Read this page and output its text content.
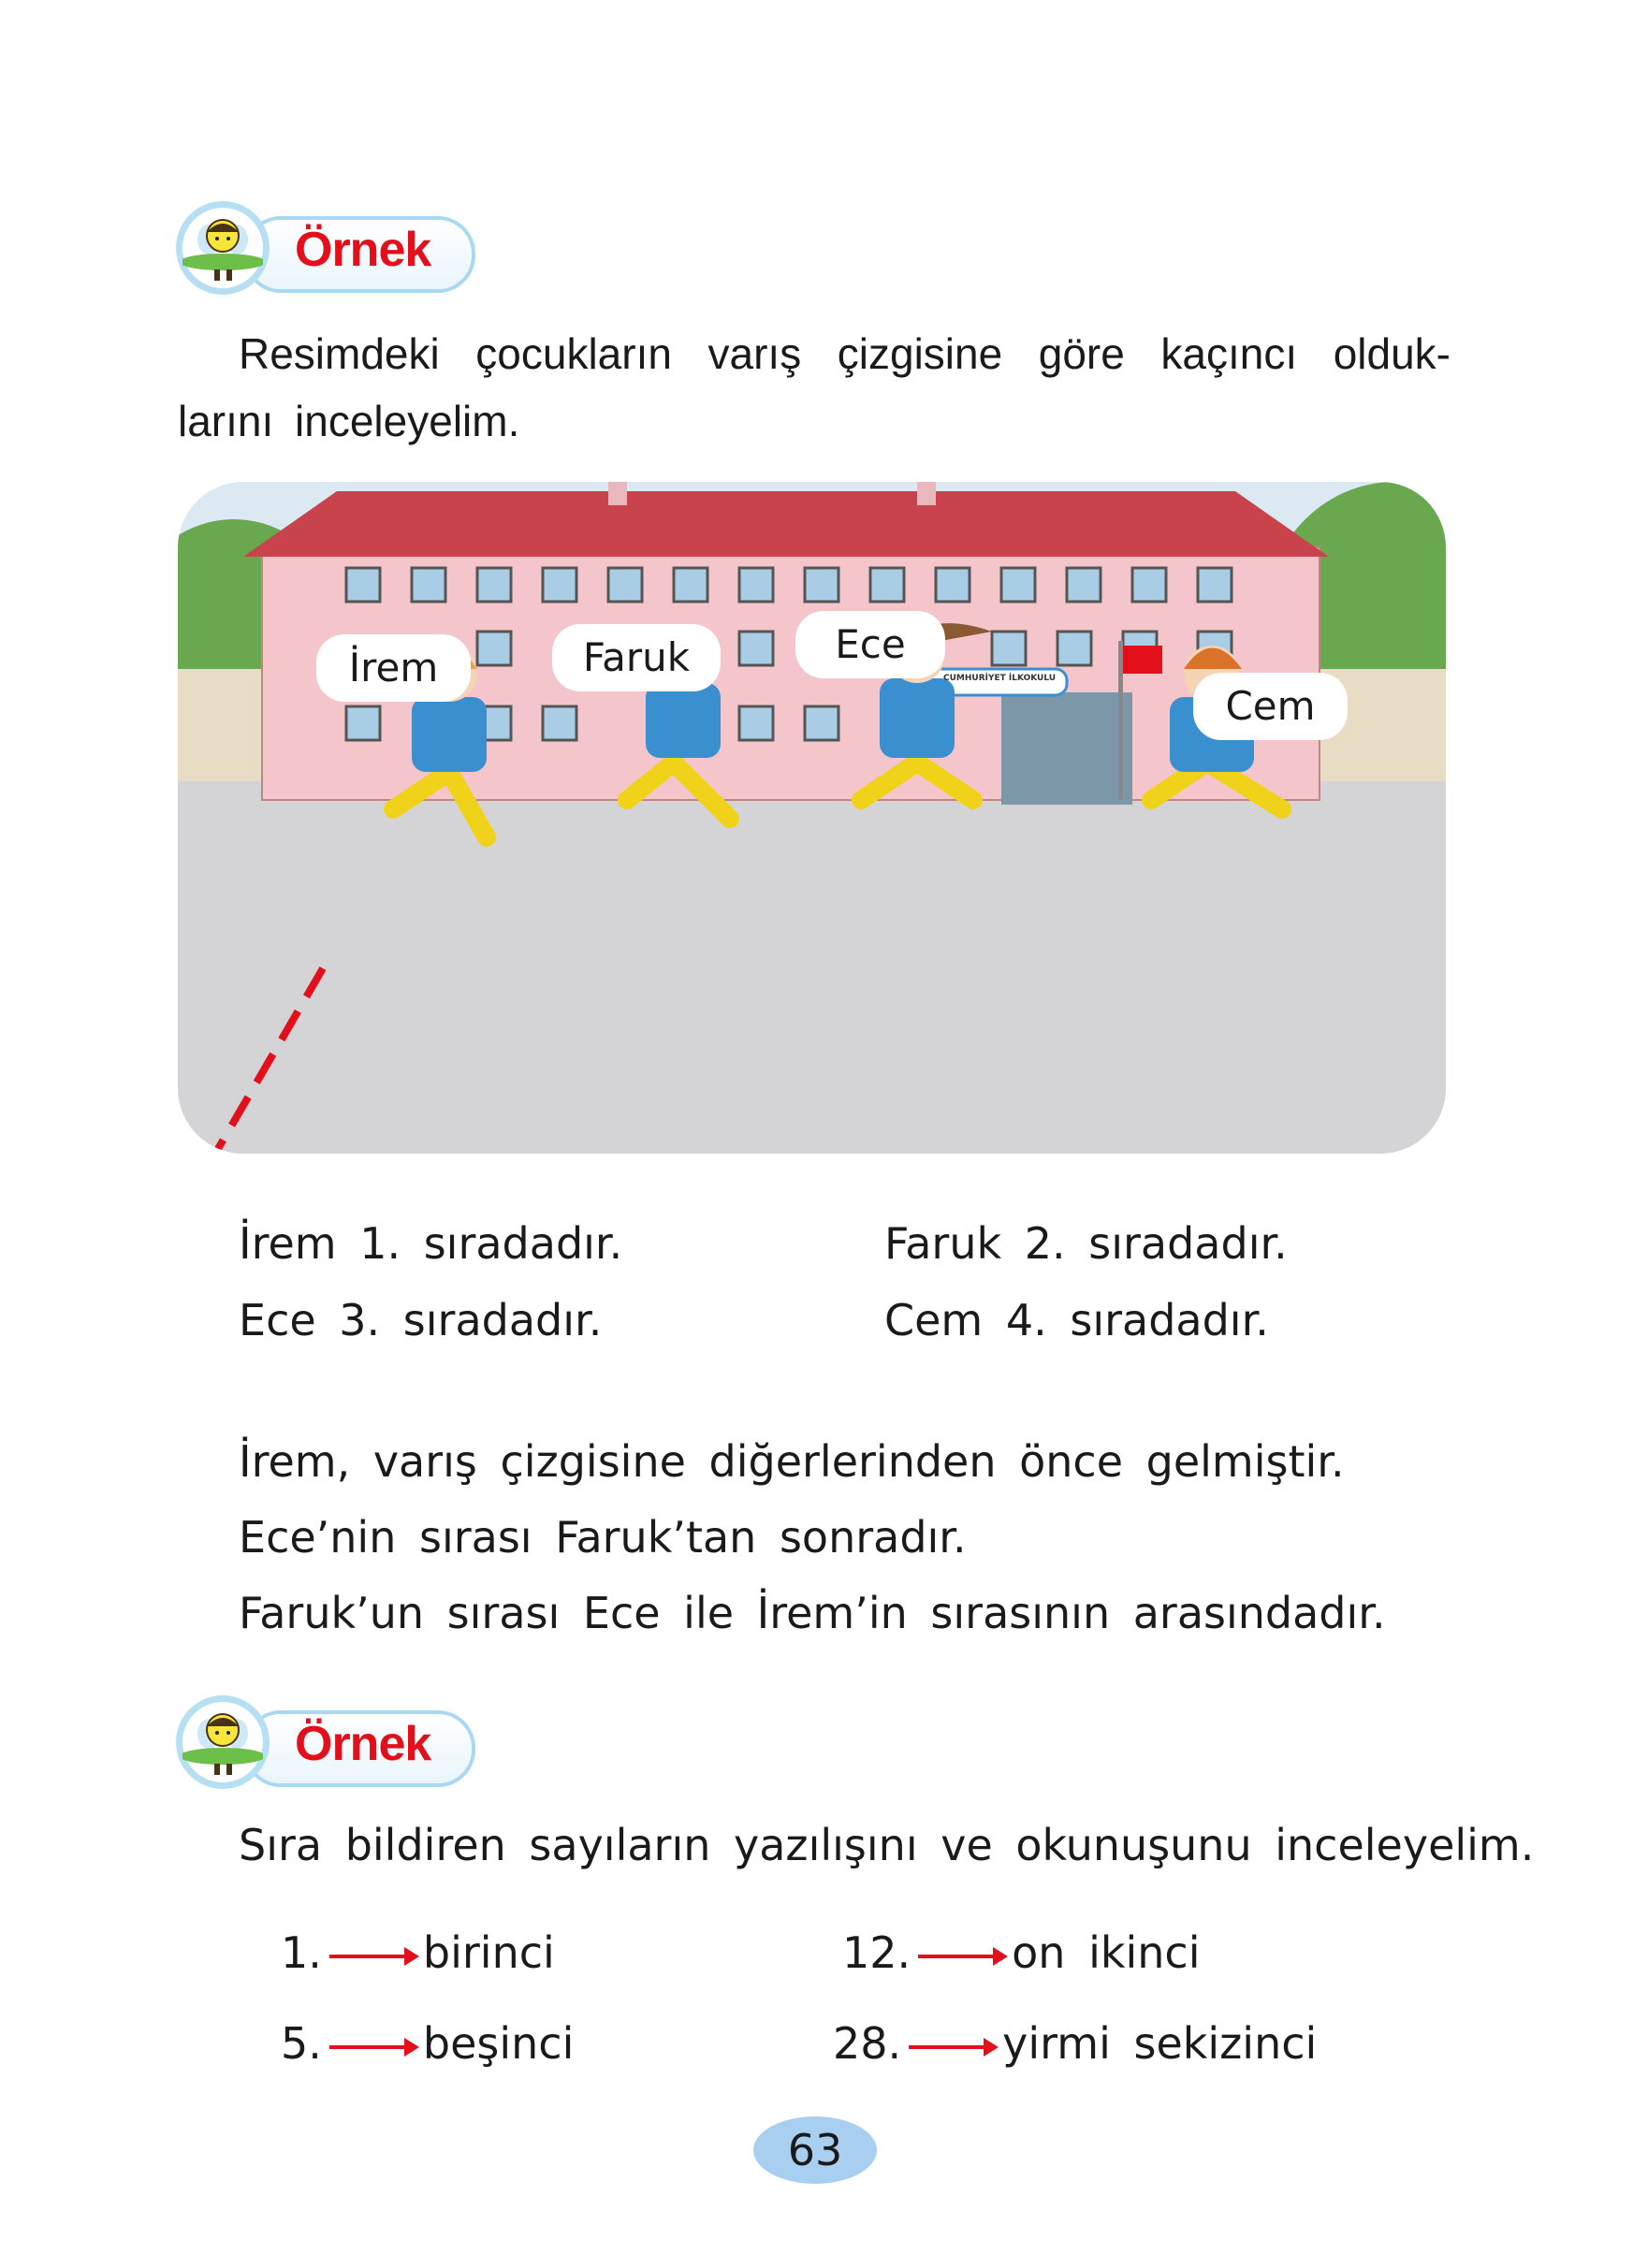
Örnek
Resimdeki çocukların varış çizgisine göre kaçıncı olduk-
larını inceleyelim.
İrem	Faruk	Ece
Cem
CUMHURİYET İLKOKULU
İrem 1. sıradadır.	Faruk 2. sıradadır.
Ece 3. sıradadır.	Cem 4. sıradadır.
İrem, varış çizgisine diğerlerinden önce gelmiştir.
Ece’nin sırası Faruk’tan sonradır.
Faruk’un sırası Ece ile İrem’in sırasının arasındadır.
Örnek
Sıra bildiren sayıların yazılışını ve okunuşunu inceleyelim.
1. birinci	12. on ikinci
5. beşinci	28. yirmi sekizinci
63
